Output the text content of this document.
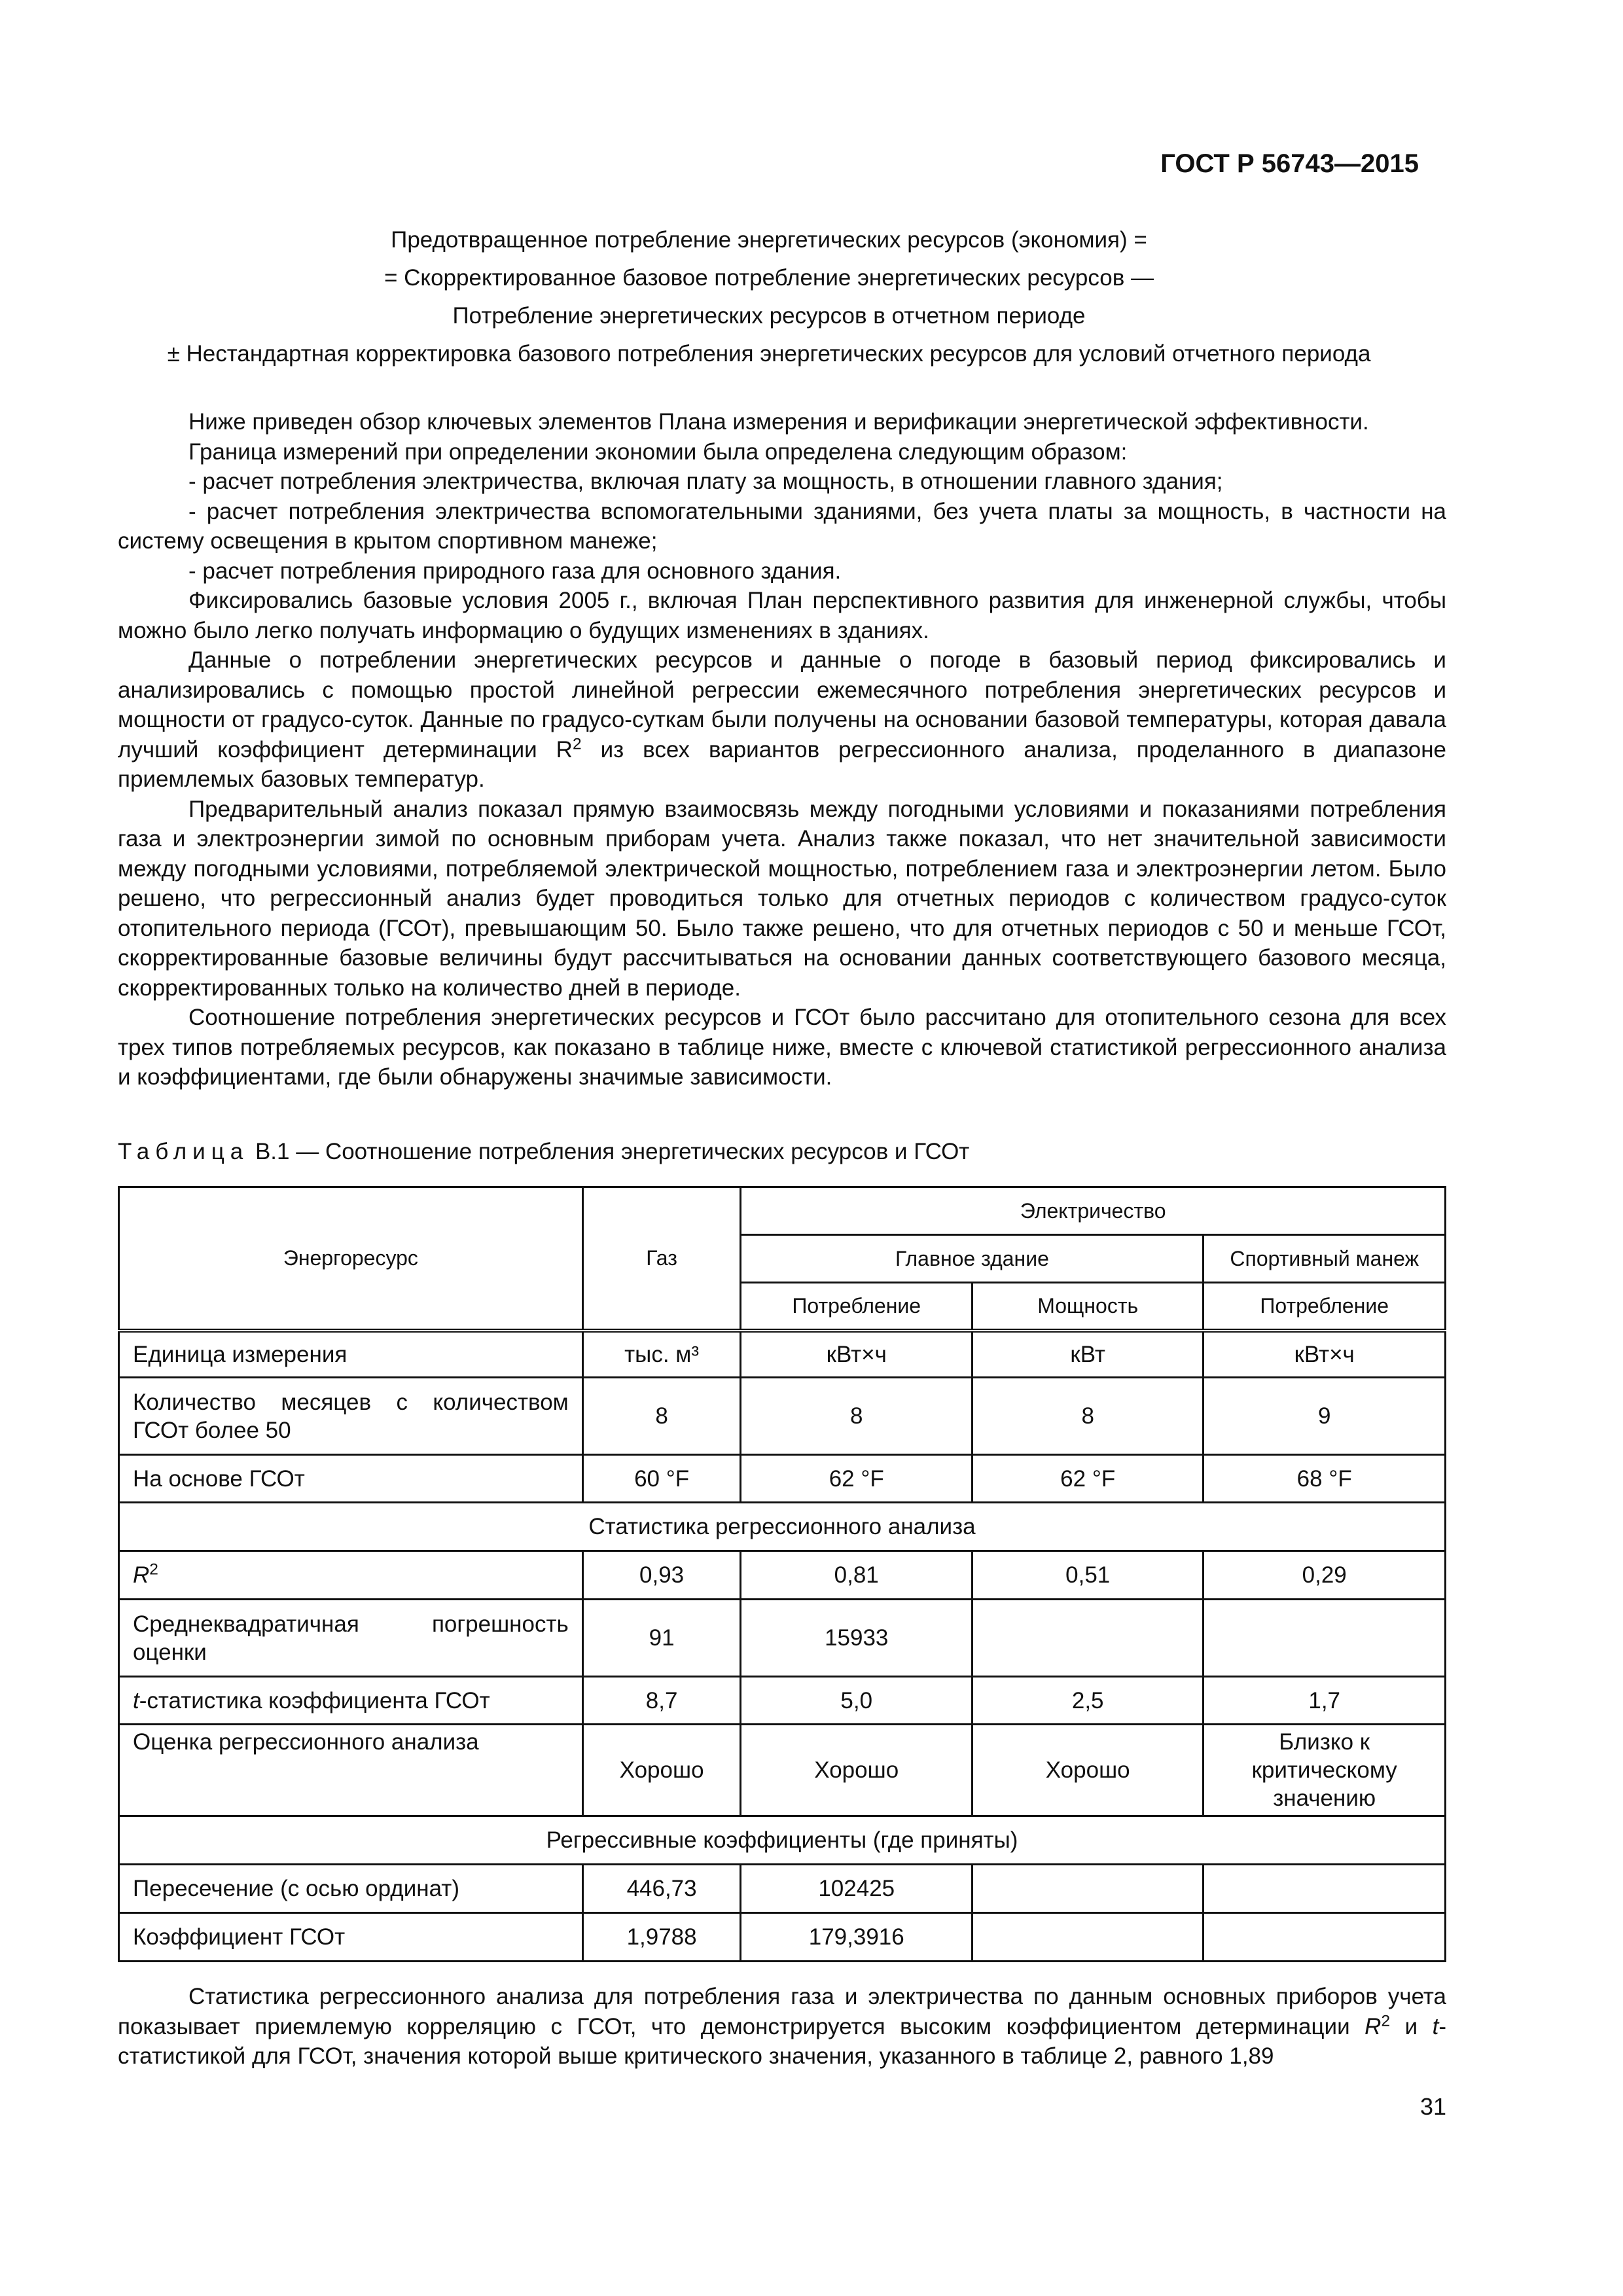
ГОСТ Р 56743—2015
Предотвращенное потребление энергетических ресурсов (экономия) =
= Скорректированное базовое потребление энергетических ресурсов —
Потребление энергетических ресурсов в отчетном периоде
± Нестандартная корректировка базового потребления энергетических ресурсов для условий отчетного периода

Ниже приведен обзор ключевых элементов Плана измерения и верификации энергетической эффективности.

Граница измерений при определении экономии была определена следующим образом:

- расчет потребления электричества, включая плату за мощность, в отношении главного здания;

- расчет потребления электричества вспомогательными зданиями, без учета платы за мощность, в частности на систему освещения в крытом спортивном манеже;

- расчет потребления природного газа для основного здания.

Фиксировались базовые условия 2005 г., включая План перспективного развития для инженерной службы, чтобы можно было легко получать информацию о будущих изменениях в зданиях.

Данные о потреблении энергетических ресурсов и данные о погоде в базовый период фиксировались и анализировались с помощью простой линейной регрессии ежемесячного потребления энергетических ресурсов и мощности от градусо-суток. Данные по градусо-суткам были получены на основании базовой температуры, которая давала лучший коэффициент детерминации $R^2$ из всех вариантов регрессионного анализа, проделанного в диапазоне приемлемых базовых температур.

Предварительный анализ показал прямую взаимосвязь между погодными условиями и показаниями потребления газа и электроэнергии зимой по основным приборам учета. Анализ также показал, что нет значительной зависимости между погодными условиями, потребляемой электрической мощностью, потреблением газа и электроэнергии летом. Было решено, что регрессионный анализ будет проводиться только для отчетных периодов с количеством градусо-суток отопительного периода (ГСОт), превышающим 50. Было также решено, что для отчетных периодов с 50 и меньше ГСОт, скорректированные базовые величины будут рассчитываться на основании данных соответствующего базового месяца, скорректированных только на количество дней в периоде.

Соотношение потребления энергетических ресурсов и ГСОт было рассчитано для отопительного сезона для всех трех типов потребляемых ресурсов, как показано в таблице ниже, вместе с ключевой статистикой регрессионного анализа и коэффициентами, где были обнаружены значимые зависимости.

Таблица В.1 — Соотношение потребления энергетических ресурсов и ГСОт
Энергоресурс	Газ	Электричество		
		Главное здание		Спортивный манеж
		Потребление	Мощность	Потребление
Единица измерения	тыс. м³	кВт×ч	кВт	кВт×ч
Количество месяцев с количеством ГСОт более 50	8	8	8	9
На основе ГСОт	60 °F	62 °F	62 °F	68 °F
Статистика регрессионного анализа				
$R^2$	0,93	0,81	0,51	0,29
Среднеквадратичная погрешность оценки	91	15933		
t-статистика коэффициента ГСОт	8,7	5,0	2,5	1,7
Оценка регрессионного анализа	Хорошо	Хорошо	Хорошо	Близко к критическому значению
Регрессивные коэффициенты (где приняты)				
Пересечение (с осью ординат)	446,73	102425		
Коэффициент ГСОт	1,9788	179,3916		

Статистика регрессионного анализа для потребления газа и электричества по данным основных приборов учета показывает приемлемую корреляцию с ГСОт, что демонстрируется высоким коэффициентом детерминации $R^2$ и t-статистикой для ГСОт, значения которой выше критического значения, указанного в таблице 2, равного 1,89

31
